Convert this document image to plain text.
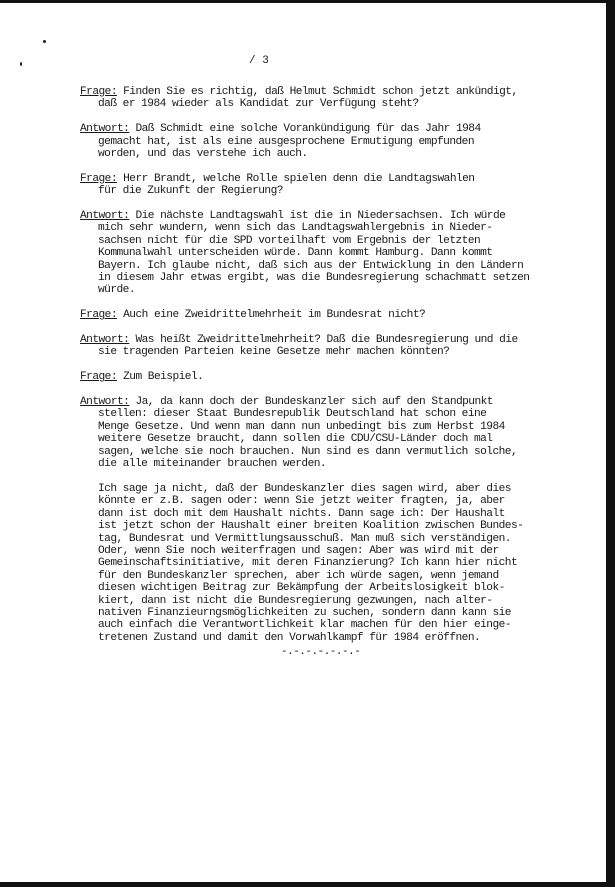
/ 3
Frage: Finden Sie es richtig, daß Helmut Schmidt schon jetzt ankündigt,
daß er 1984 wieder als Kandidat zur Verfügung steht?
Antwort: Daß Schmidt eine solche Vorankündigung für das Jahr 1984
gemacht hat, ist als eine ausgesprochene Ermutigung empfunden
worden, und das verstehe ich auch.
Frage: Herr Brandt, welche Rolle spielen denn die Landtagswahlen
für die Zukunft der Regierung?
Antwort: Die nächste Landtagswahl ist die in Niedersachsen. Ich würde
mich sehr wundern, wenn sich das Landtagswahlergebnis in Nieder-
sachsen nicht für die SPD vorteilhaft vom Ergebnis der letzten
Kommunalwahl unterscheiden würde. Dann kommt Hamburg. Dann kommt
Bayern. Ich glaube nicht, daß sich aus der Entwicklung in den Ländern
in diesem Jahr etwas ergibt, was die Bundesregierung schachmatt setzen
würde.
Frage: Auch eine Zweidrittelmehrheit im Bundesrat nicht?
Antwort: Was heißt Zweidrittelmehrheit? Daß die Bundesregierung und die
sie tragenden Parteien keine Gesetze mehr machen könnten?
Frage: Zum Beispiel.
Antwort: Ja, da kann doch der Bundeskanzler sich auf den Standpunkt
stellen: dieser Staat Bundesrepublik Deutschland hat schon eine
Menge Gesetze. Und wenn man dann nun unbedingt bis zum Herbst 1984
weitere Gesetze braucht, dann sollen die CDU/CSU-Länder doch mal
sagen, welche sie noch brauchen. Nun sind es dann vermutlich solche,
die alle miteinander brauchen werden.
Ich sage ja nicht, daß der Bundeskanzler dies sagen wird, aber dies
könnte er z.B. sagen oder: wenn Sie jetzt weiter fragten, ja, aber
dann ist doch mit dem Haushalt nichts. Dann sage ich: Der Haushalt
ist jetzt schon der Haushalt einer breiten Koalition zwischen Bundes-
tag, Bundesrat und Vermittlungsausschuß. Man muß sich verständigen.
Oder, wenn Sie noch weiterfragen und sagen: Aber was wird mit der
Gemeinschaftsinitiative, mit deren Finanzierung? Ich kann hier nicht
für den Bundeskanzler sprechen, aber ich würde sagen, wenn jemand
diesen wichtigen Beitrag zur Bekämpfung der Arbeitslosigkeit blok-
kiert, dann ist nicht die Bundesregierung gezwungen, nach alter-
nativen Finanzieurngsmöglichkeiten zu suchen, sondern dann kann sie
auch einfach die Verantwortlichkeit klar machen für den hier einge-
tretenen Zustand und damit den Vorwahlkampf für 1984 eröffnen.
-.-.-.-.-.-.-
